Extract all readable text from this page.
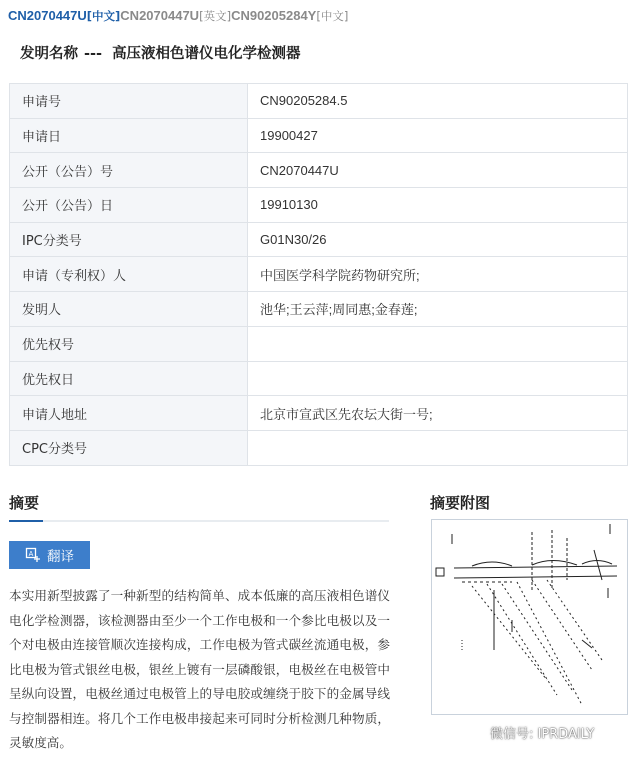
CN2070447U[中文] CN2070447U[英文] CN90205284Y[中文]
发明名称 --- 高压液相色谱仪电化学检测器
申请号	CN90205284.5
申请日	19900427
公开（公告）号	CN2070447U
公开（公告）日	19910130
IPC分类号	G01N30/26
申请（专利权）人	中国医学科学院药物研究所;
发明人	池华;王云萍;周同惠;金春莲;
优先权号	
优先权日	
申请人地址	北京市宣武区先农坛大街一号;
CPC分类号	
摘要
A 翻译
本实用新型披露了一种新型的结构简单、成本低廉的高压液相色谱仪电化学检测器，该检测器由至少一个工作电极和一个参比电极以及一个对电极由连接管顺次连接构成，工作电极为管式碳丝流通电极，参比电极为管式银丝电极，银丝上镀有一层磷酸银，电极丝在电极管中呈纵向设置，电极丝通过电极管上的导电胶或缠绕于胶下的金属导线与控制器相连。将几个工作电极串接起来可同时分析检测几种物质，灵敏度高。
摘要附图
微信号: IPRDAILY
